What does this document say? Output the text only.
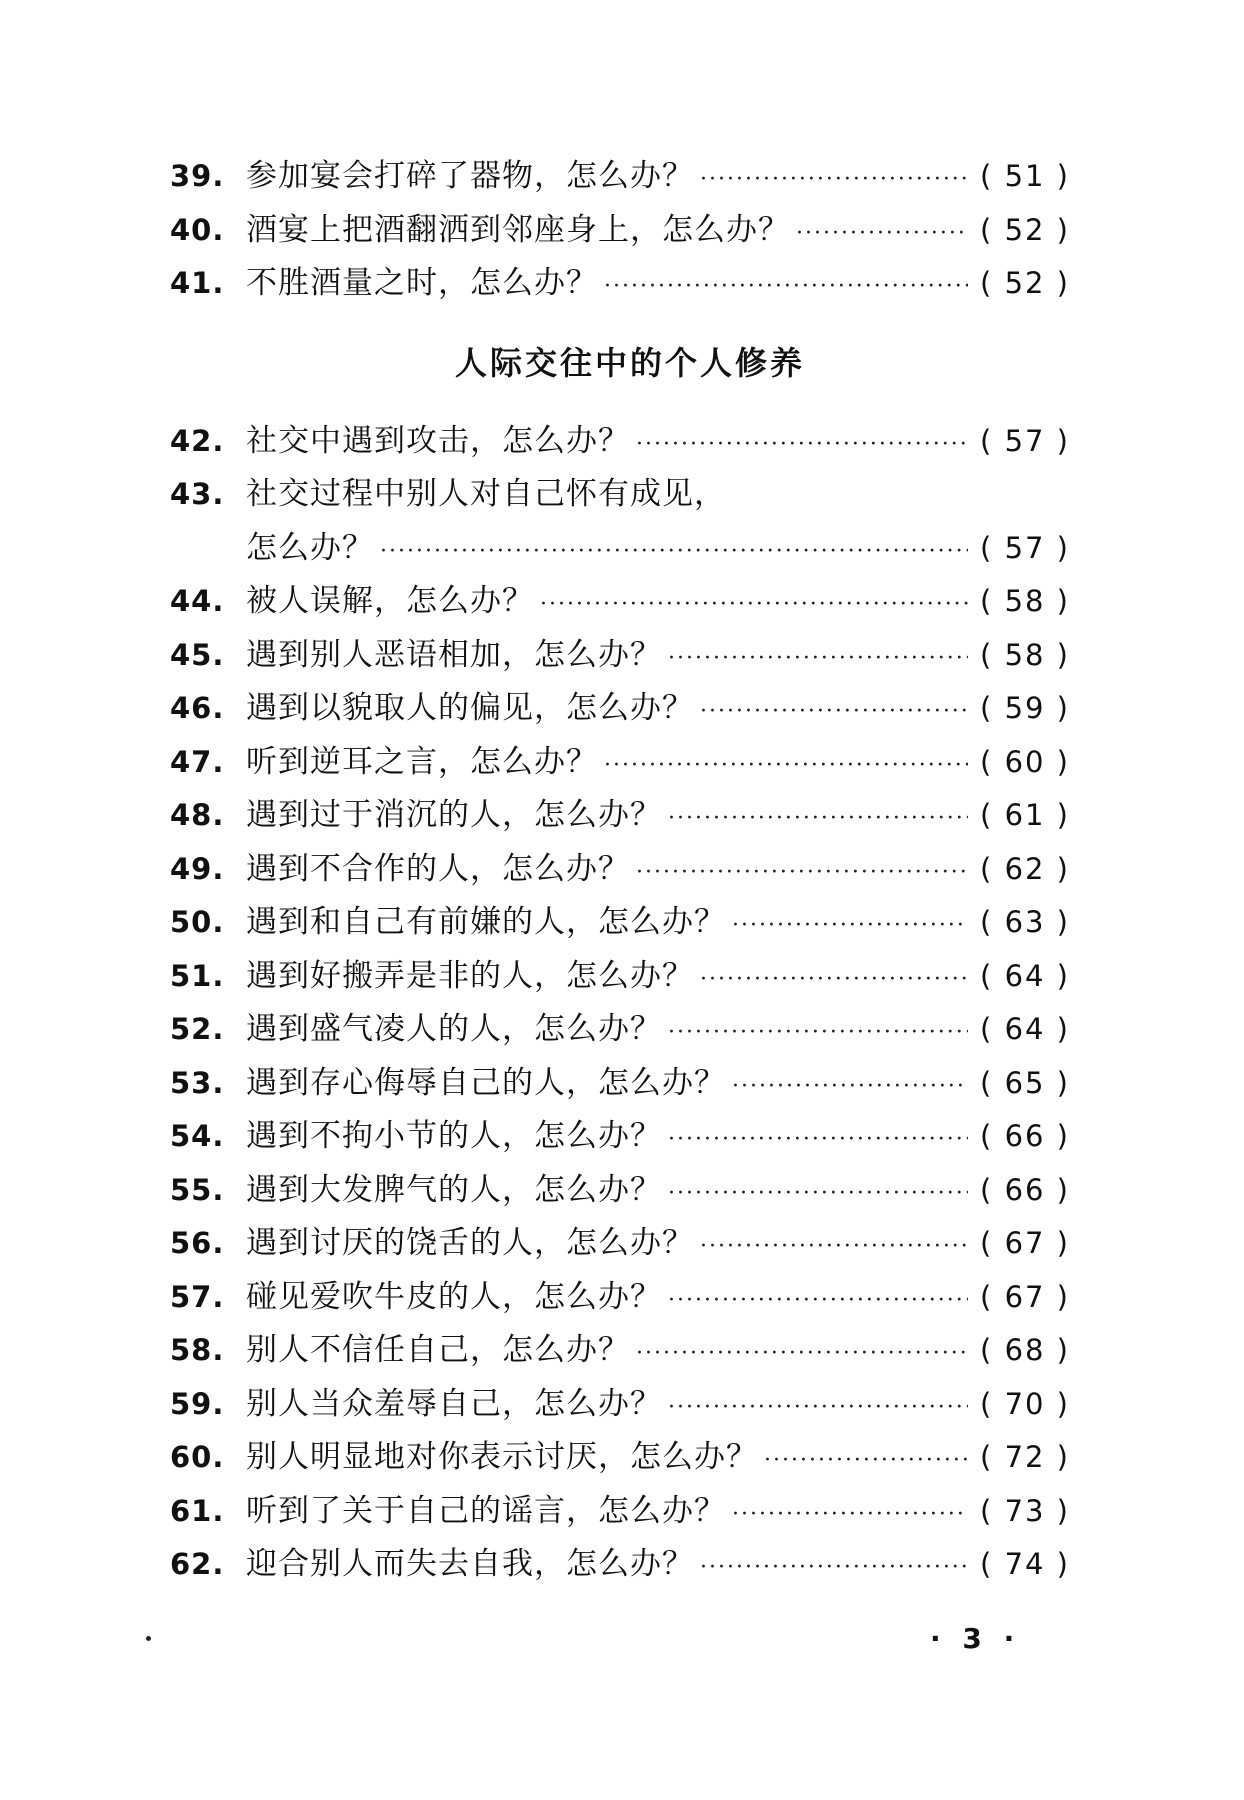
39. 参加宴会打碎了器物，怎么办？ ·····	( 51 )
40. 酒宴上把酒翻洒到邻座身上，怎么办？ ·····	( 52 )
41. 不胜酒量之时，怎么办？ ·····	( 52 )
人际交往中的个人修养
42. 社交中遇到攻击，怎么办？ ·····	( 57 )
43. 社交过程中别人对自己怀有成见，
怎么办？ ·····	( 57 )
44. 被人误解，怎么办？ ·····	( 58 )
45. 遇到别人恶语相加，怎么办？ ·····	( 58 )
46. 遇到以貌取人的偏见，怎么办？ ·····	( 59 )
47. 听到逆耳之言，怎么办？ ·····	( 60 )
48. 遇到过于消沉的人，怎么办？ ·····	( 61 )
49. 遇到不合作的人，怎么办？ ·····	( 62 )
50. 遇到和自己有前嫌的人，怎么办？ ·····	( 63 )
51. 遇到好搬弄是非的人，怎么办？ ·····	( 64 )
52. 遇到盛气凌人的人，怎么办？ ·····	( 64 )
53. 遇到存心侮辱自己的人，怎么办？ ·····	( 65 )
54. 遇到不拘小节的人，怎么办？ ·····	( 66 )
55. 遇到大发脾气的人，怎么办？ ·····	( 66 )
56. 遇到讨厌的饶舌的人，怎么办？ ·····	( 67 )
57. 碰见爱吹牛皮的人，怎么办？ ·····	( 67 )
58. 别人不信任自己，怎么办？ ·····	( 68 )
59. 别人当众羞辱自己，怎么办？ ·····	( 70 )
60. 别人明显地对你表示讨厌，怎么办？ ·····	( 72 )
61. 听到了关于自己的谣言，怎么办？ ·····	( 73 )
62. 迎合别人而失去自我，怎么办？ ·····	( 74 )
· 3 ·
